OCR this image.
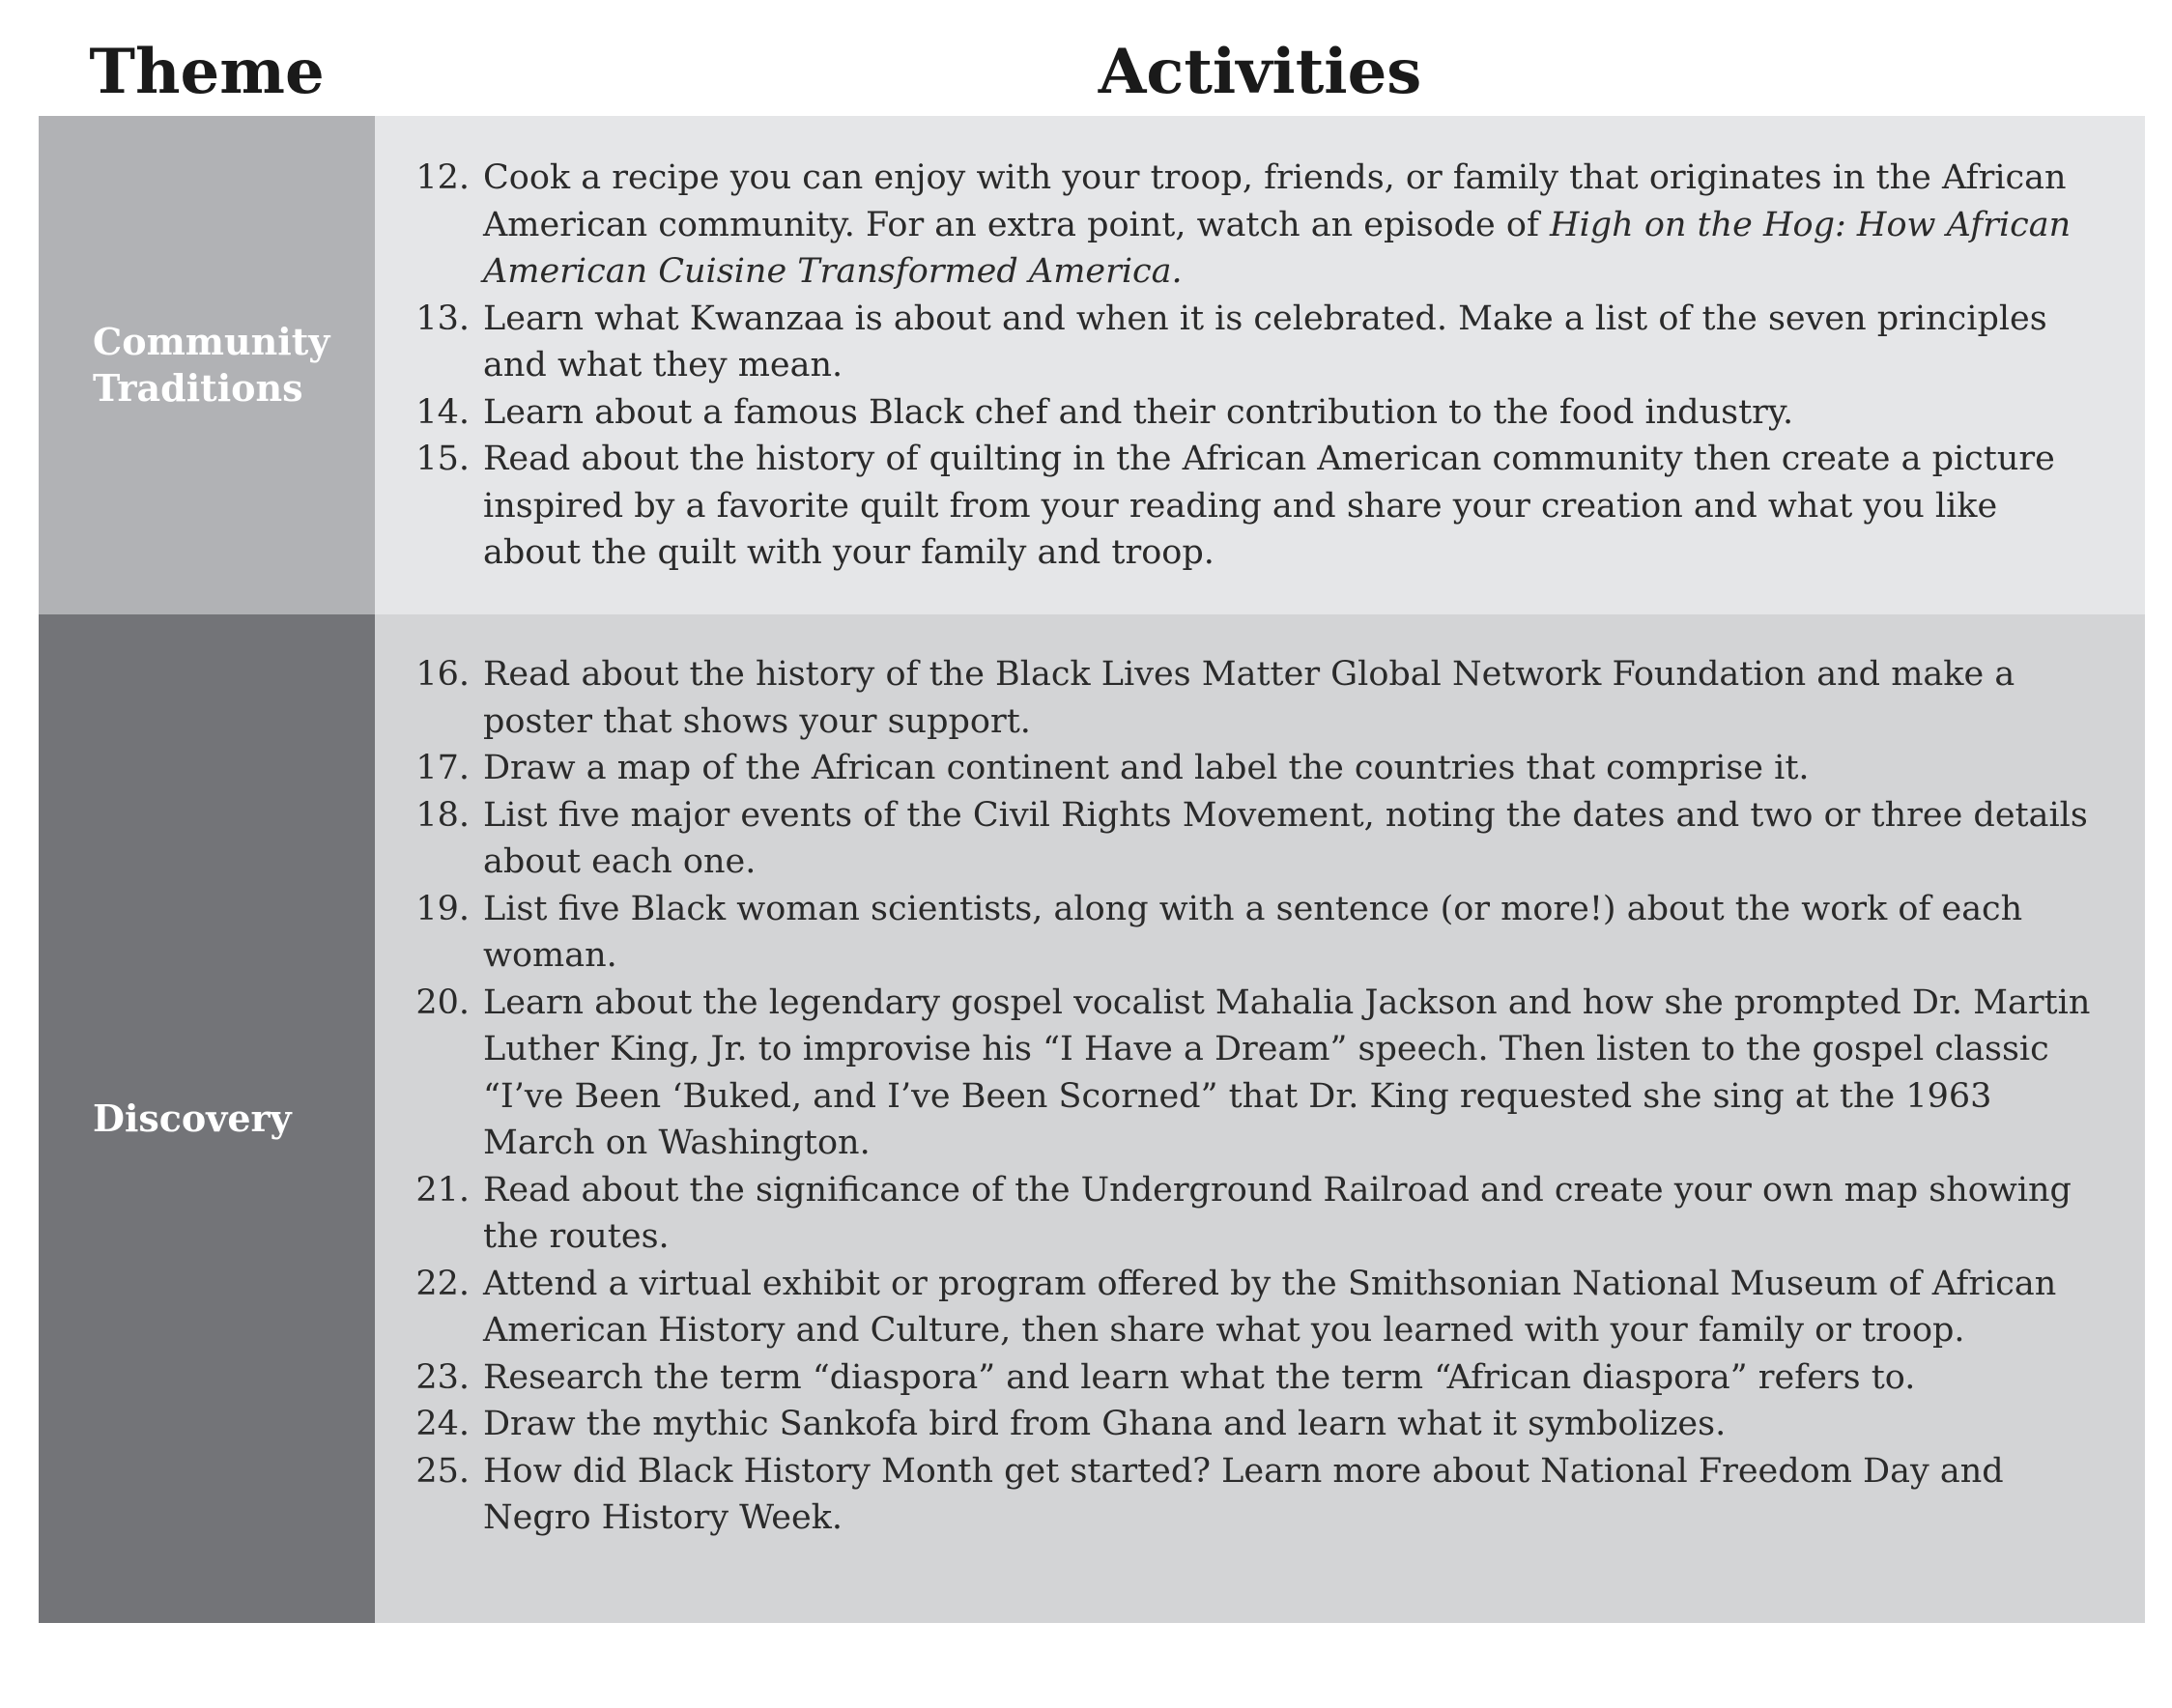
Theme	Activities
Community Traditions
12. Cook a recipe you can enjoy with your troop, friends, or family that originates in the African American community. For an extra point, watch an episode of High on the Hog: How African American Cuisine Transformed America.
13. Learn what Kwanzaa is about and when it is celebrated. Make a list of the seven principles and what they mean.
14. Learn about a famous Black chef and their contribution to the food industry.
15. Read about the history of quilting in the African American community then create a picture inspired by a favorite quilt from your reading and share your creation and what you like about the quilt with your family and troop.
Discovery
16. Read about the history of the Black Lives Matter Global Network Foundation and make a poster that shows your support.
17. Draw a map of the African continent and label the countries that comprise it.
18. List five major events of the Civil Rights Movement, noting the dates and two or three details about each one.
19. List five Black woman scientists, along with a sentence (or more!) about the work of each woman.
20. Learn about the legendary gospel vocalist Mahalia Jackson and how she prompted Dr. Martin Luther King, Jr. to improvise his “I Have a Dream” speech. Then listen to the gospel classic “I’ve Been ‘Buked, and I’ve Been Scorned” that Dr. King requested she sing at the 1963 March on Washington.
21. Read about the significance of the Underground Railroad and create your own map showing the routes.
22. Attend a virtual exhibit or program offered by the Smithsonian National Museum of African American History and Culture, then share what you learned with your family or troop.
23. Research the term “diaspora” and learn what the term “African diaspora” refers to.
24. Draw the mythic Sankofa bird from Ghana and learn what it symbolizes.
25. How did Black History Month get started? Learn more about National Freedom Day and Negro History Week.
